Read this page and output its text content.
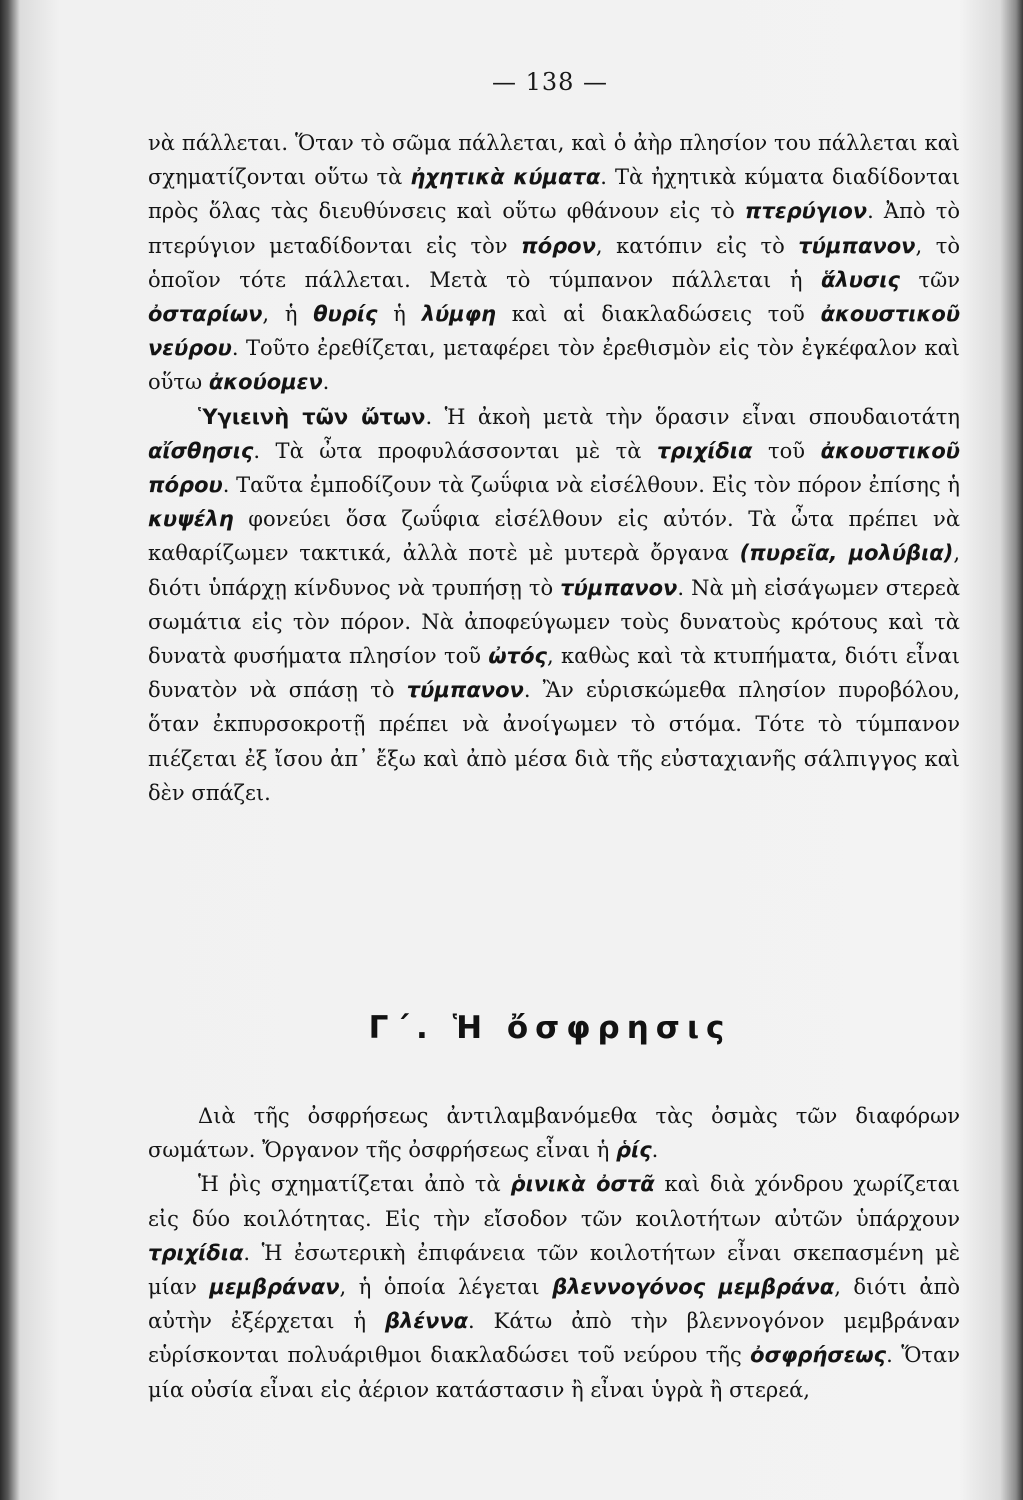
— 138 —

νὰ πάλλεται. Ὅταν τὸ σῶμα πάλλεται, καὶ ὁ ἀὴρ πλησίον του πάλλεται καὶ σχηματίζονται οὕτω τὰ ἠχητικὰ κύματα. Τὰ ἠχητικὰ κύματα διαδίδονται πρὸς ὅλας τὰς διευθύνσεις καὶ οὕτω φθάνουν εἰς τὸ πτερύγιον. Ἀπὸ τὸ πτερύγιον μεταδίδονται εἰς τὸν πόρον, κατόπιν εἰς τὸ τύμπανον, τὸ ὁποῖον τότε πάλλεται. Μετὰ τὸ τύμπανον πάλλεται ἡ ἅλυσις τῶν ὀσταρίων, ἡ θυρίς ἡ λύμφη καὶ αἱ διακλαδώσεις τοῦ ἀκουστικοῦ νεύρου. Τοῦτο ἐρεθίζεται, μεταφέρει τὸν ἐρεθισμὸν εἰς τὸν ἐγκέφαλον καὶ οὕτω ἀκούομεν.

Ὑγιεινὴ τῶν ὤτων. Ἡ ἀκοὴ μετὰ τὴν ὅρασιν εἶναι σπουδαιοτάτη αἴσθησις. Τὰ ὦτα προφυλάσσονται μὲ τὰ τριχίδια τοῦ ἀκουστικοῦ πόρου. Ταῦτα ἐμποδίζουν τὰ ζωΰφια νὰ εἰσέλθουν. Εἰς τὸν πόρον ἐπίσης ἡ κυψέλη φονεύει ὅσα ζωΰφια εἰσέλθουν εἰς αὐτόν. Τὰ ὦτα πρέπει νὰ καθαρίζωμεν τακτικά, ἀλλὰ ποτὲ μὲ μυτερὰ ὄργανα (πυρεῖα, μολύβια), διότι ὑπάρχῃ κίνδυνος νὰ τρυπήσῃ τὸ τύμπανον. Νὰ μὴ εἰσάγωμεν στερεὰ σωμάτια εἰς τὸν πόρον. Νὰ ἀποφεύγωμεν τοὺς δυνατοὺς κρότους καὶ τὰ δυνατὰ φυσήματα πλησίον τοῦ ὠτός, καθὼς καὶ τὰ κτυπήματα, διότι εἶναι δυνατὸν νὰ σπάσῃ τὸ τύμπανον. Ἂν εὑρισκώμεθα πλησίον πυροβόλου, ὅταν ἐκπυρσοκροτῇ πρέπει νὰ ἀνοίγωμεν τὸ στόμα. Τότε τὸ τύμπανον πιέζεται ἐξ ἴσου ἀπ᾽ ἔξω καὶ ἀπὸ μέσα διὰ τῆς εὐσταχιανῆς σάλπιγγος καὶ δὲν σπάζει.

Γ΄. Ἡ ὄσφρησις

Διὰ τῆς ὀσφρήσεως ἀντιλαμβανόμεθα τὰς ὀσμὰς τῶν διαφόρων σωμάτων. Ὄργανον τῆς ὀσφρήσεως εἶναι ἡ ῥίς.

Ἡ ῥὶς σχηματίζεται ἀπὸ τὰ ῥινικὰ ὀστᾶ καὶ διὰ χόνδρου χωρίζεται εἰς δύο κοιλότητας. Εἰς τὴν εἴσοδον τῶν κοιλοτήτων αὐτῶν ὑπάρχουν τριχίδια. Ἡ ἐσωτερικὴ ἐπιφάνεια τῶν κοιλοτήτων εἶναι σκεπασμένη μὲ μίαν μεμβράναν, ἡ ὁποία λέγεται βλεννογόνος μεμβράνα, διότι ἀπὸ αὐτὴν ἐξέρχεται ἡ βλέννα. Κάτω ἀπὸ τὴν βλεννογόνον μεμβράναν εὑρίσκονται πολυάριθμοι διακλαδώσει τοῦ νεύρου τῆς ὀσφρήσεως. Ὅταν μία οὐσία εἶναι εἰς ἀέριον κατάστασιν ἢ εἶναι ὑγρὰ ἢ στερεά,
